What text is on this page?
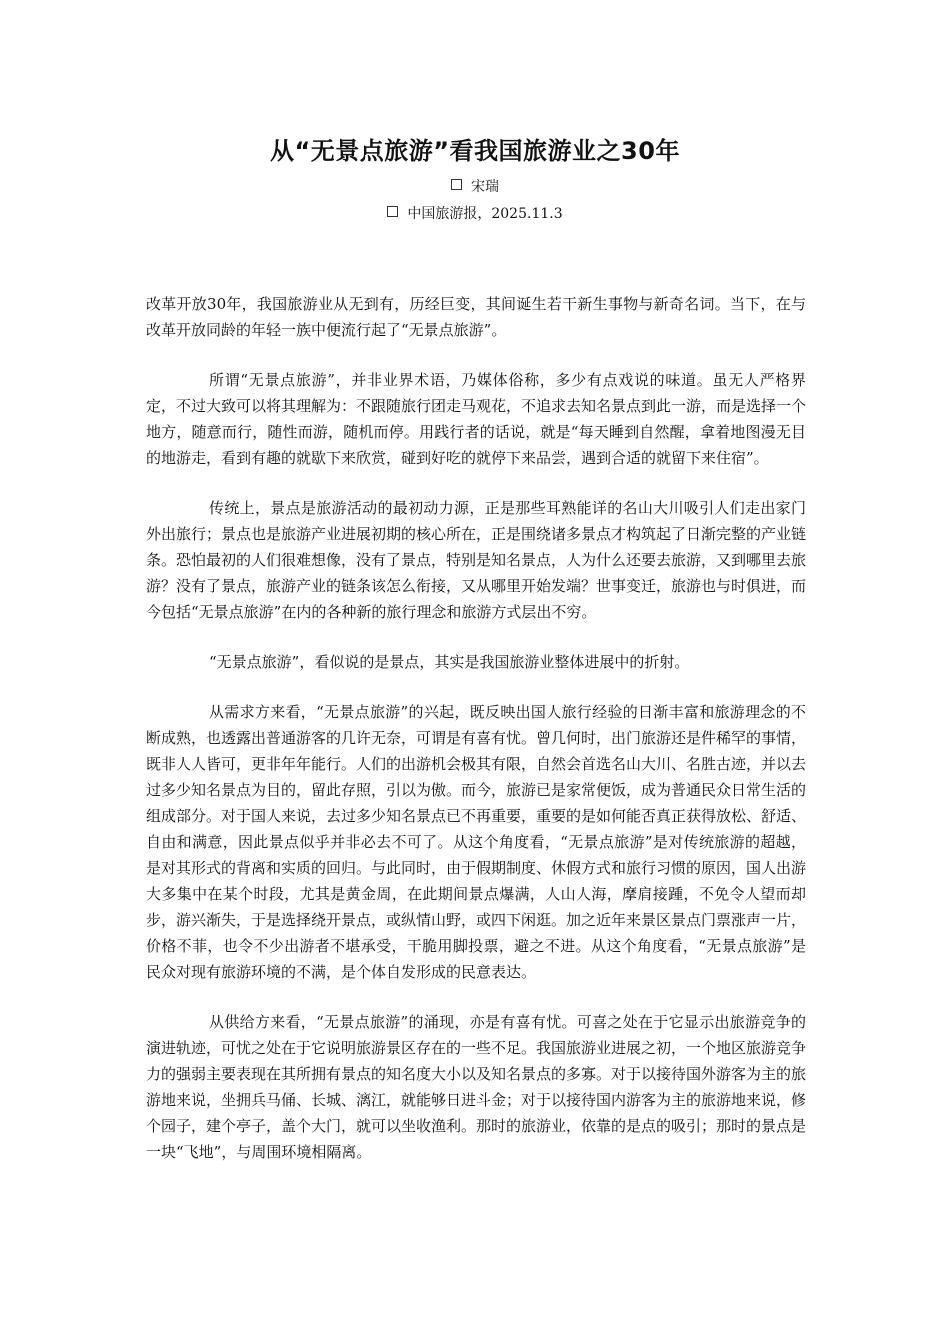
从“无景点旅游”看我国旅游业之30年
宋瑞
中国旅游报，2025.11.3

改革开放30年，我国旅游业从无到有，历经巨变，其间诞生若干新生事物与新奇名词。当下，在与改革开放同龄的年轻一族中便流行起了“无景点旅游”。

所谓“无景点旅游”，并非业界术语，乃媒体俗称，多少有点戏说的味道。虽无人严格界定，不过大致可以将其理解为：不跟随旅行团走马观花，不追求去知名景点到此一游，而是选择一个地方，随意而行，随性而游，随机而停。用践行者的话说，就是“每天睡到自然醒，拿着地图漫无目的地游走，看到有趣的就歇下来欣赏，碰到好吃的就停下来品尝，遇到合适的就留下来住宿”。

传统上，景点是旅游活动的最初动力源，正是那些耳熟能详的名山大川吸引人们走出家门外出旅行；景点也是旅游产业进展初期的核心所在，正是围绕诸多景点才构筑起了日渐完整的产业链条。恐怕最初的人们很难想像，没有了景点，特别是知名景点，人为什么还要去旅游，又到哪里去旅游？没有了景点，旅游产业的链条该怎么衔接，又从哪里开始发端？世事变迁，旅游也与时俱进，而今包括“无景点旅游”在内的各种新的旅行理念和旅游方式层出不穷。

“无景点旅游”，看似说的是景点，其实是我国旅游业整体进展中的折射。

从需求方来看，“无景点旅游”的兴起，既反映出国人旅行经验的日渐丰富和旅游理念的不断成熟，也透露出普通游客的几许无奈，可谓是有喜有忧。曾几何时，出门旅游还是件稀罕的事情，既非人人皆可，更非年年能行。人们的出游机会极其有限，自然会首选名山大川、名胜古迹，并以去过多少知名景点为目的，留此存照，引以为傲。而今，旅游已是家常便饭，成为普通民众日常生活的组成部分。对于国人来说，去过多少知名景点已不再重要，重要的是如何能否真正获得放松、舒适、自由和满意，因此景点似乎并非必去不可了。从这个角度看，“无景点旅游”是对传统旅游的超越，是对其形式的背离和实质的回归。与此同时，由于假期制度、休假方式和旅行习惯的原因，国人出游大多集中在某个时段，尤其是黄金周，在此期间景点爆满，人山人海，摩肩接踵，不免令人望而却步，游兴渐失，于是选择绕开景点，或纵情山野，或四下闲逛。加之近年来景区景点门票涨声一片，价格不菲，也令不少出游者不堪承受，干脆用脚投票，避之不进。从这个角度看，“无景点旅游”是民众对现有旅游环境的不满，是个体自发形成的民意表达。

从供给方来看，“无景点旅游”的涌现，亦是有喜有忧。可喜之处在于它显示出旅游竞争的演进轨迹，可忧之处在于它说明旅游景区存在的一些不足。我国旅游业进展之初，一个地区旅游竞争力的强弱主要表现在其所拥有景点的知名度大小以及知名景点的多寡。对于以接待国外游客为主的旅游地来说，坐拥兵马俑、长城、漓江，就能够日进斗金；对于以接待国内游客为主的旅游地来说，修个园子，建个亭子，盖个大门，就可以坐收渔利。那时的旅游业，依靠的是点的吸引；那时的景点是一块“飞地”，与周围环境相隔离。
